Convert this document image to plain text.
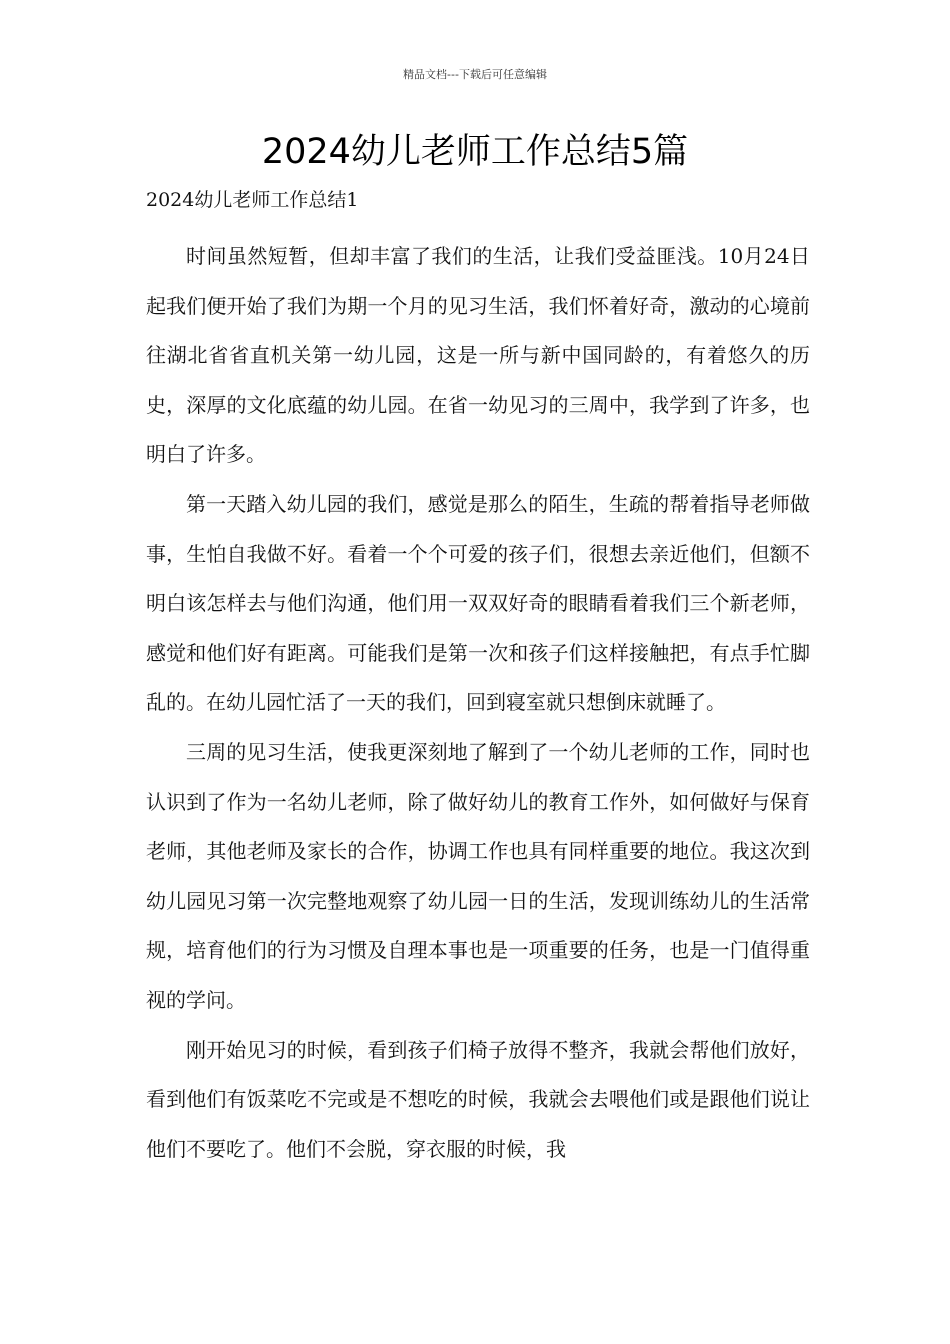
精品文档---下载后可任意编辑
2024幼儿老师工作总结5篇
2024幼儿老师工作总结1

时间虽然短暂，但却丰富了我们的生活，让我们受益匪浅。10月24日起我们便开始了我们为期一个月的见习生活，我们怀着好奇，激动的心境前往湖北省省直机关第一幼儿园，这是一所与新中国同龄的，有着悠久的历史，深厚的文化底蕴的幼儿园。在省一幼见习的三周中，我学到了许多，也明白了许多。

第一天踏入幼儿园的我们，感觉是那么的陌生，生疏的帮着指导老师做事，生怕自我做不好。看着一个个可爱的孩子们，很想去亲近他们，但额不明白该怎样去与他们沟通，他们用一双双好奇的眼睛看着我们三个新老师，感觉和他们好有距离。可能我们是第一次和孩子们这样接触把，有点手忙脚乱的。在幼儿园忙活了一天的我们，回到寝室就只想倒床就睡了。

三周的见习生活，使我更深刻地了解到了一个幼儿老师的工作，同时也认识到了作为一名幼儿老师，除了做好幼儿的教育工作外，如何做好与保育老师，其他老师及家长的合作，协调工作也具有同样重要的地位。我这次到幼儿园见习第一次完整地观察了幼儿园一日的生活，发现训练幼儿的生活常规，培育他们的行为习惯及自理本事也是一项重要的任务，也是一门值得重视的学问。

刚开始见习的时候，看到孩子们椅子放得不整齐，我就会帮他们放好，看到他们有饭菜吃不完或是不想吃的时候，我就会去喂他们或是跟他们说让他们不要吃了。他们不会脱，穿衣服的时候，我
